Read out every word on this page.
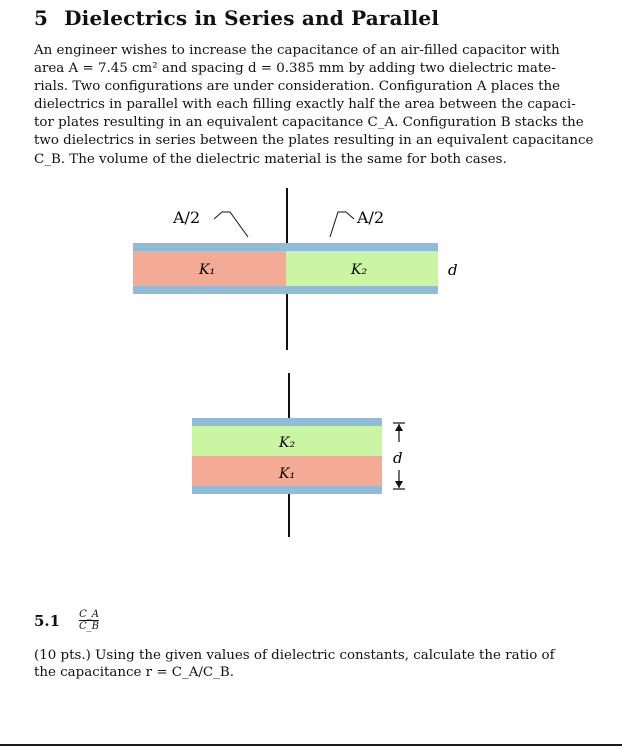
5 Dielectrics in Series and Parallel
An engineer wishes to increase the capacitance of an air-filled capacitor with
area A = 7.45 cm² and spacing d = 0.385 mm by adding two dielectric mate-
rials. Two configurations are under consideration. Configuration A places the
dielectrics in parallel with each filling exactly half the area between the capaci-
tor plates resulting in an equivalent capacitance C_A. Configuration B stacks the
two dielectrics in series between the plates resulting in an equivalent capacitance
C_B. The volume of the dielectric material is the same for both cases.
A/2	A/2
K₁	K₂	d
K₂
K₁
d
$5.1 \frac{C\_A}{C\_B}$
(10 pts.) Using the given values of dielectric constants, calculate the ratio of
the capacitance r = C_A/C_B.
